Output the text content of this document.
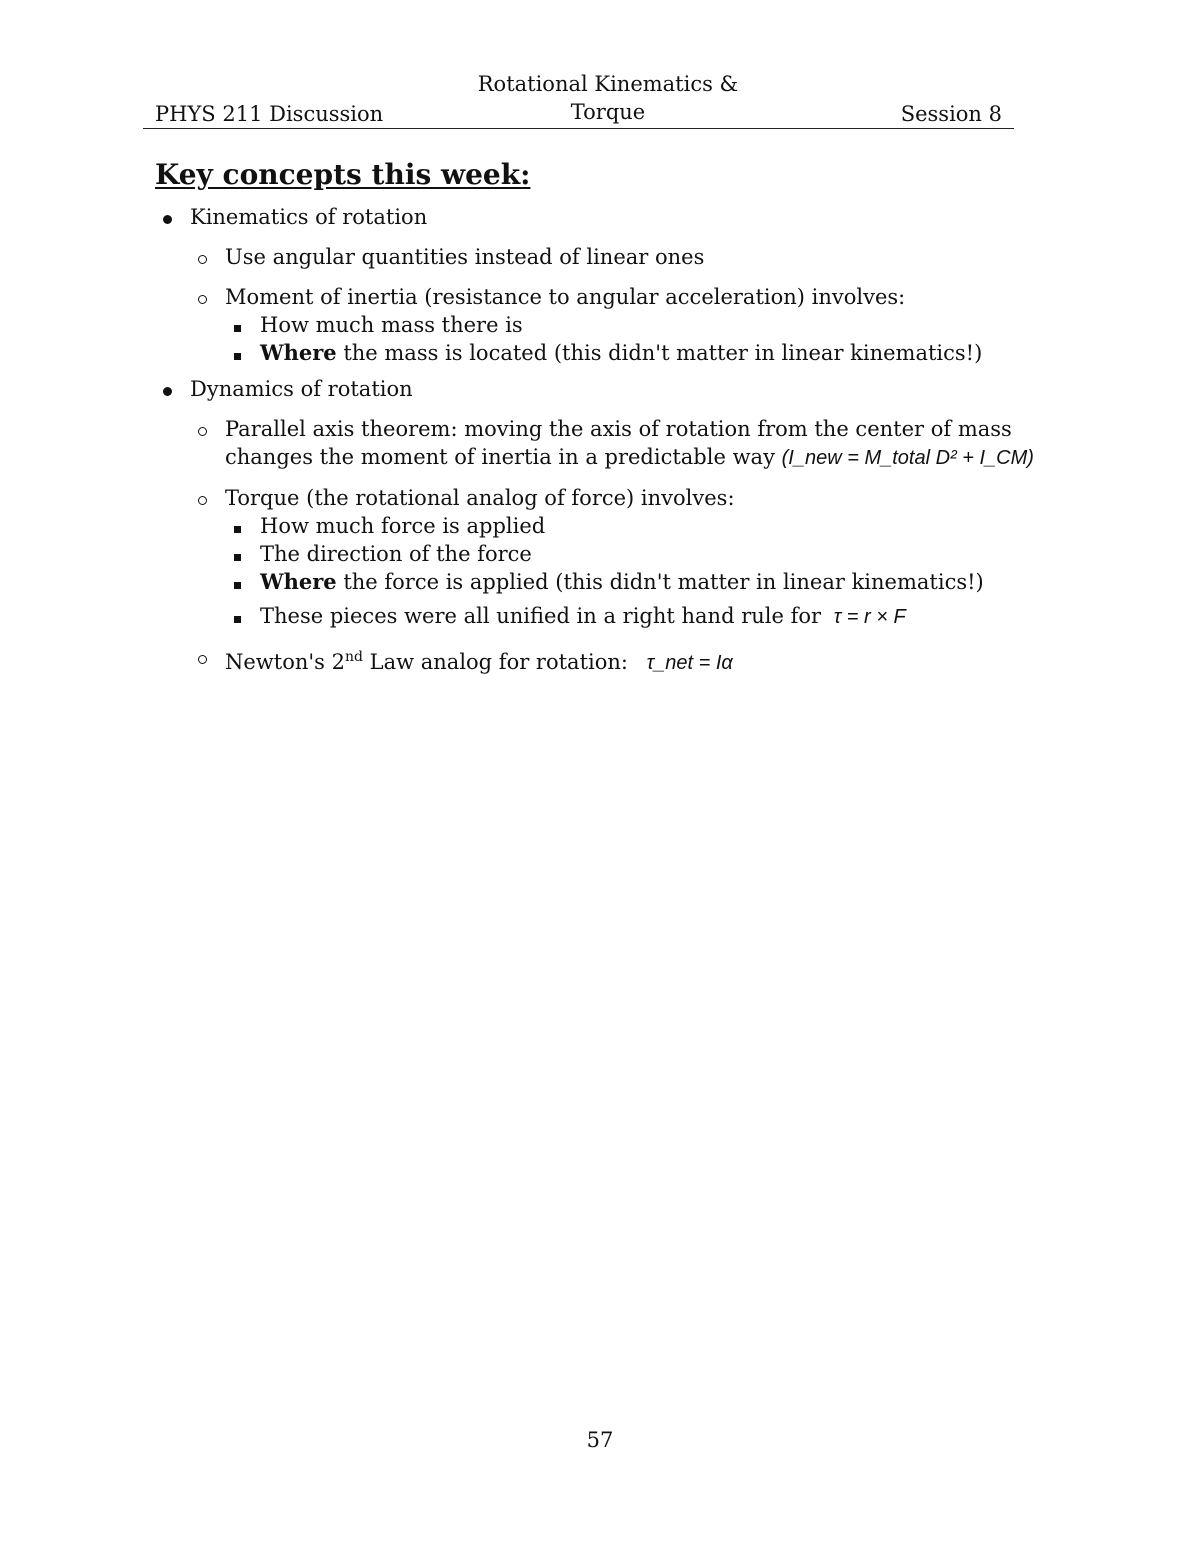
PHYS 211 Discussion
Rotational Kinematics &
Torque	Session 8
Key concepts this week:
Kinematics of rotation
Use angular quantities instead of linear ones
Moment of inertia (resistance to angular acceleration) involves:
How much mass there is
Where the mass is located (this didn't matter in linear kinematics!)
Dynamics of rotation
Parallel axis theorem: moving the axis of rotation from the center of mass changes the moment of inertia in a predictable way (I_new = M_total D² + I_CM)
Torque (the rotational analog of force) involves:
How much force is applied
The direction of the force
Where the force is applied (this didn't matter in linear kinematics!)
These pieces were all unified in a right hand rule for τ = r × F
Newton's 2nd Law analog for rotation: τ_net = Iα
57
